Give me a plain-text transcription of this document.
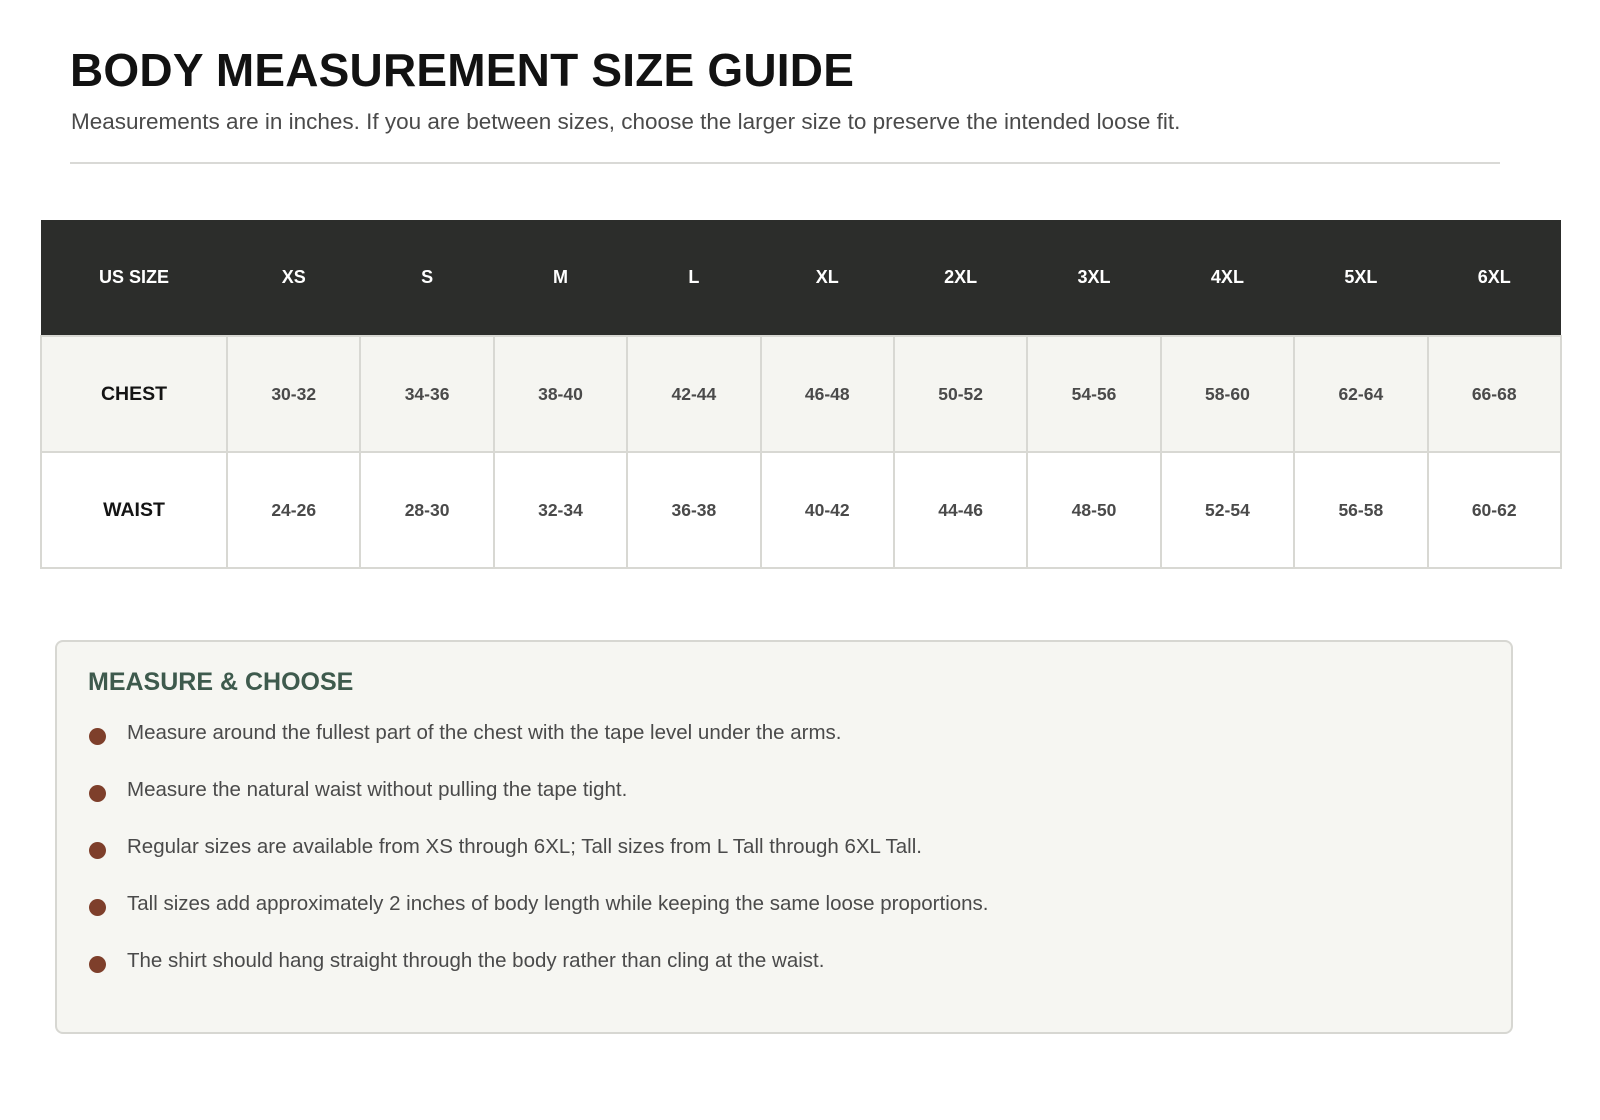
BODY MEASUREMENT SIZE GUIDE

Measurements are in inches. If you are between sizes, choose the larger size to preserve the intended loose fit.

US SIZE	XS	S	M	L	XL	2XL	3XL	4XL	5XL	6XL
CHEST	30-32	34-36	38-40	42-44	46-48	50-52	54-56	58-60	62-64	66-68
WAIST	24-26	28-30	32-34	36-38	40-42	44-46	48-50	52-54	56-58	60-62
MEASURE & CHOOSE
Measure around the fullest part of the chest with the tape level under the arms.
Measure the natural waist without pulling the tape tight.
Regular sizes are available from XS through 6XL; Tall sizes from L Tall through 6XL Tall.
Tall sizes add approximately 2 inches of body length while keeping the same loose proportions.
The shirt should hang straight through the body rather than cling at the waist.
